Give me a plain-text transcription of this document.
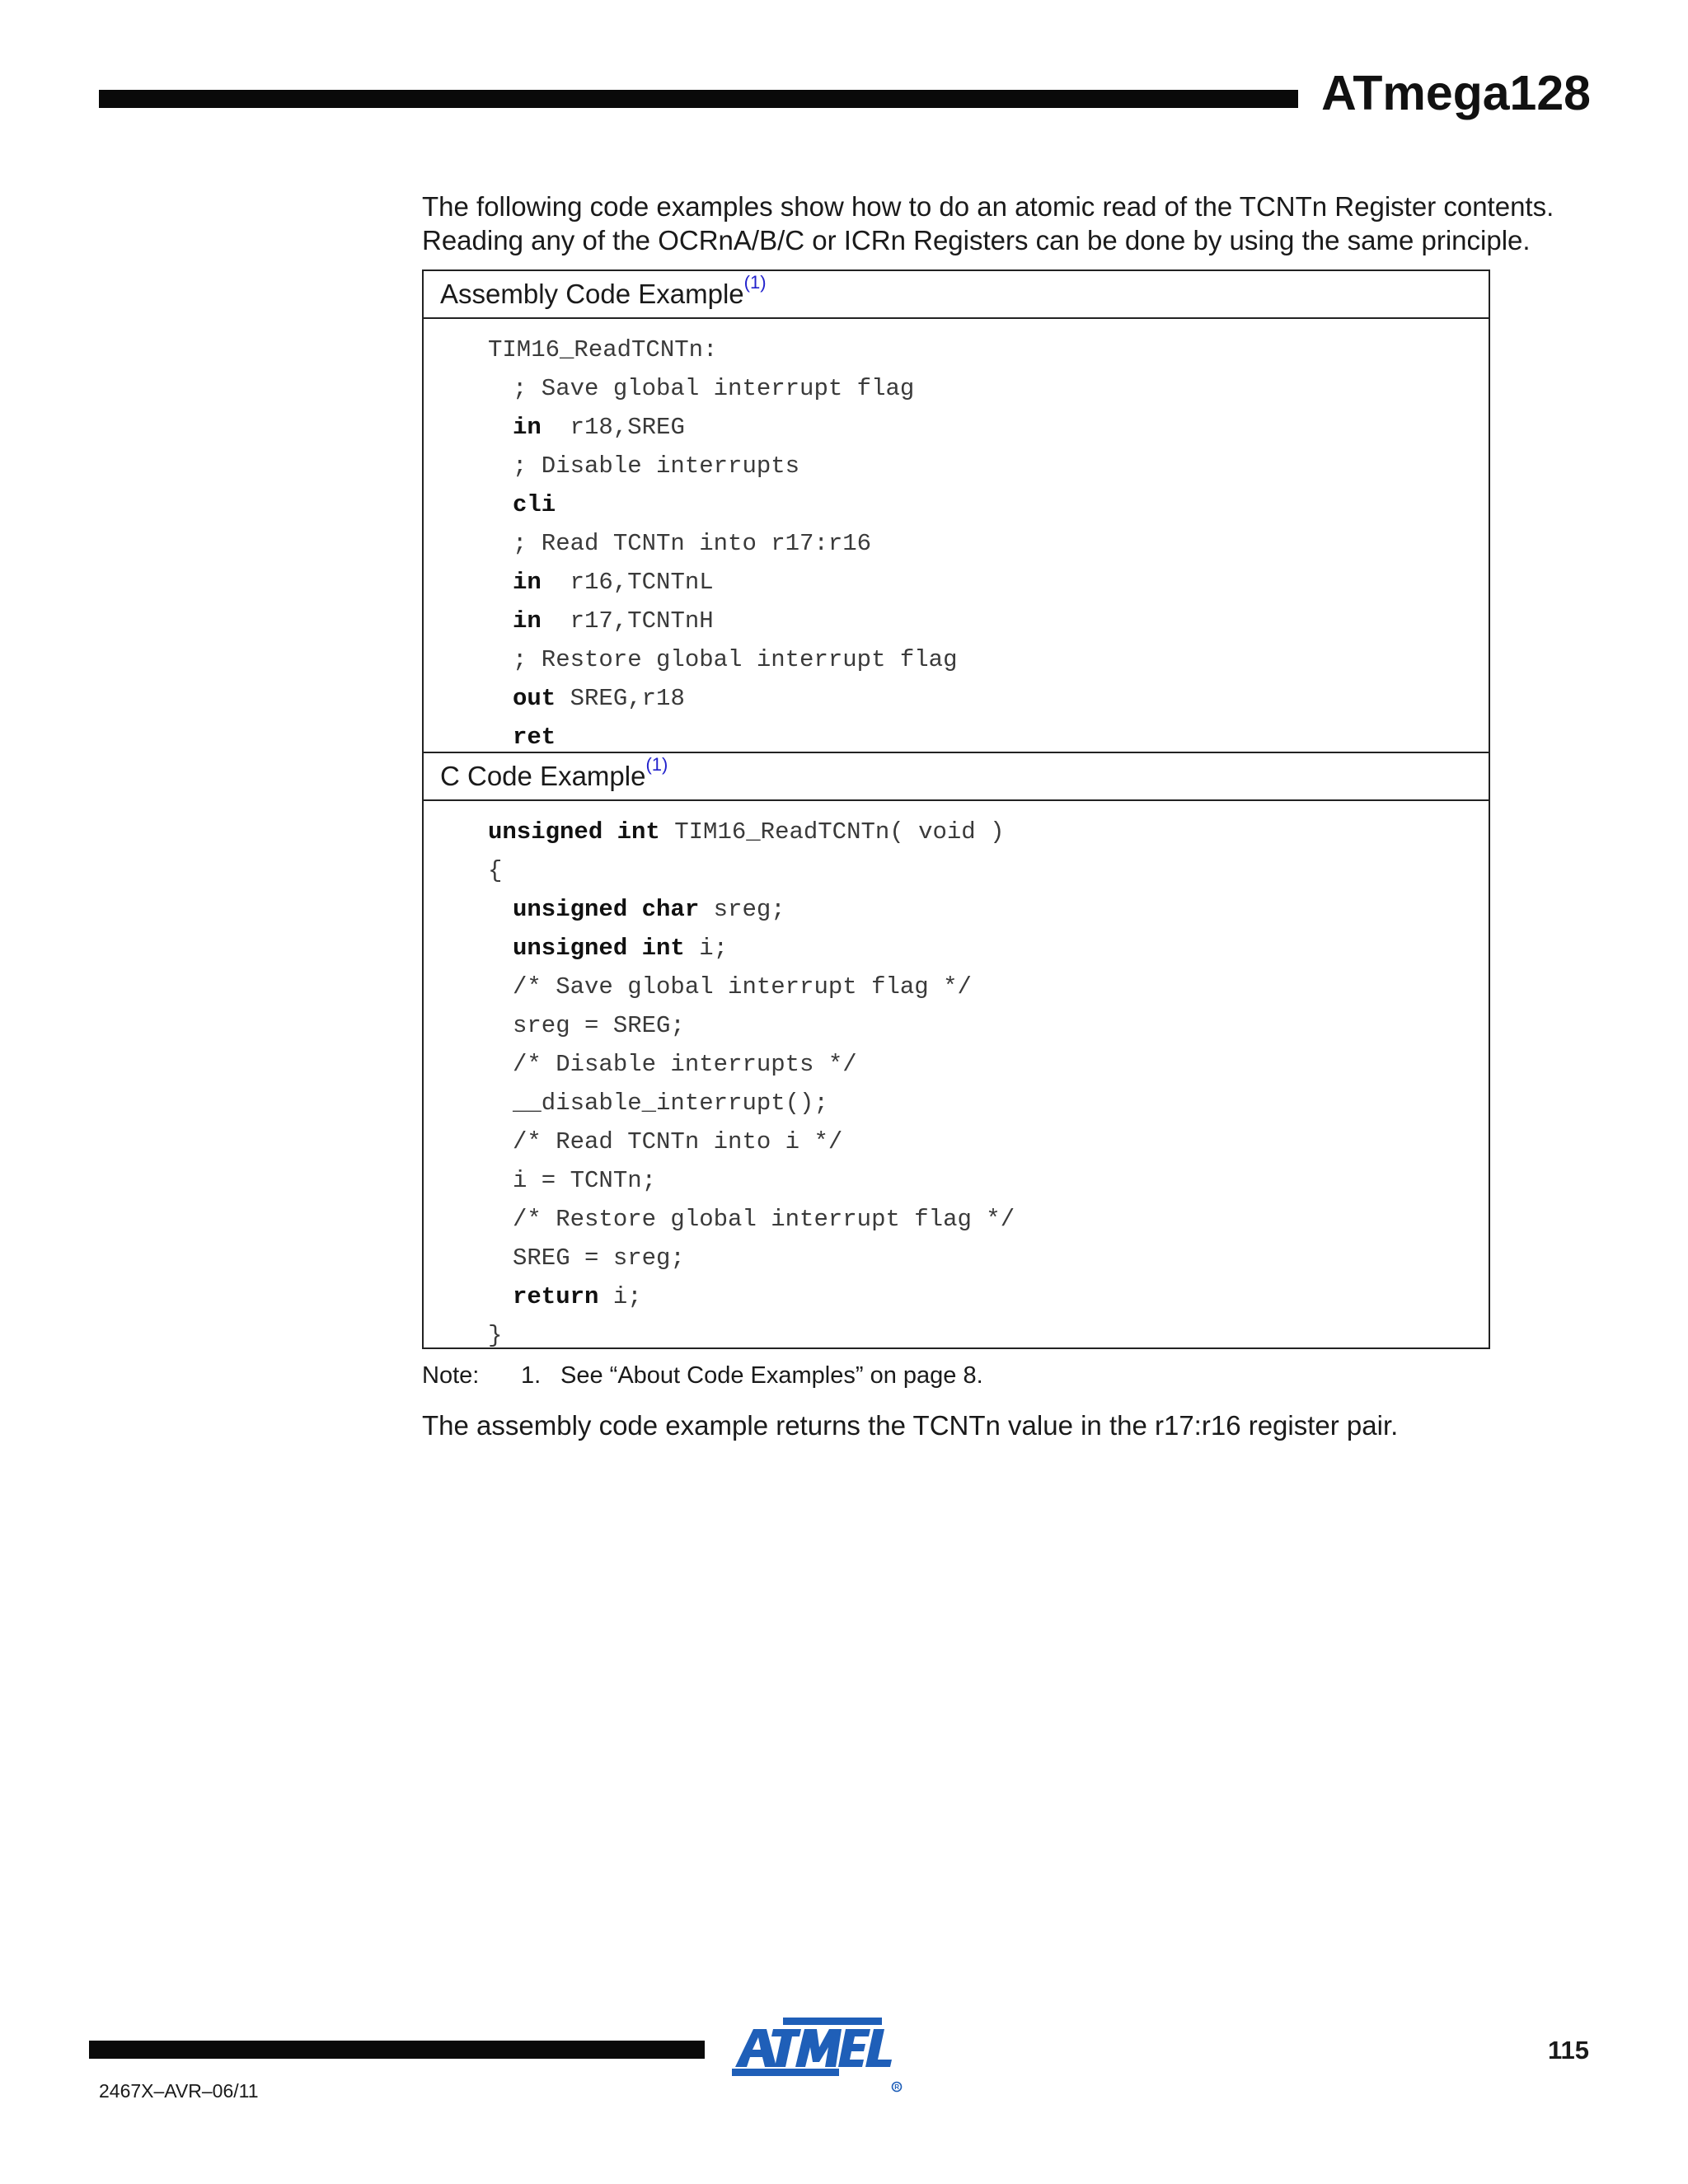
ATmega128
The following code examples show how to do an atomic read of the TCNTn Register contents.
Reading any of the OCRnA/B/C or ICRn Registers can be done by using the same principle.
Assembly Code Example$^{(1)}$
TIM16_ReadTCNTn:
; Save global interrupt flag
in  r18,SREG
; Disable interrupts
cli
; Read TCNTn into r17:r16
in  r16,TCNTnL
in  r17,TCNTnH
; Restore global interrupt flag
out SREG,r18
ret
C Code Example$^{(1)}$
unsigned int TIM16_ReadTCNTn( void )
{
unsigned char sreg;
unsigned int i;
/* Save global interrupt flag */
sreg = SREG;
/* Disable interrupts */
__disable_interrupt();
/* Read TCNTn into i */
i = TCNTn;
/* Restore global interrupt flag */
SREG = sreg;
return i;
}
Note: 1. See “About Code Examples” on page 8.
The assembly code example returns the TCNTn value in the r17:r16 register pair.
R
115
2467X–AVR–06/11
